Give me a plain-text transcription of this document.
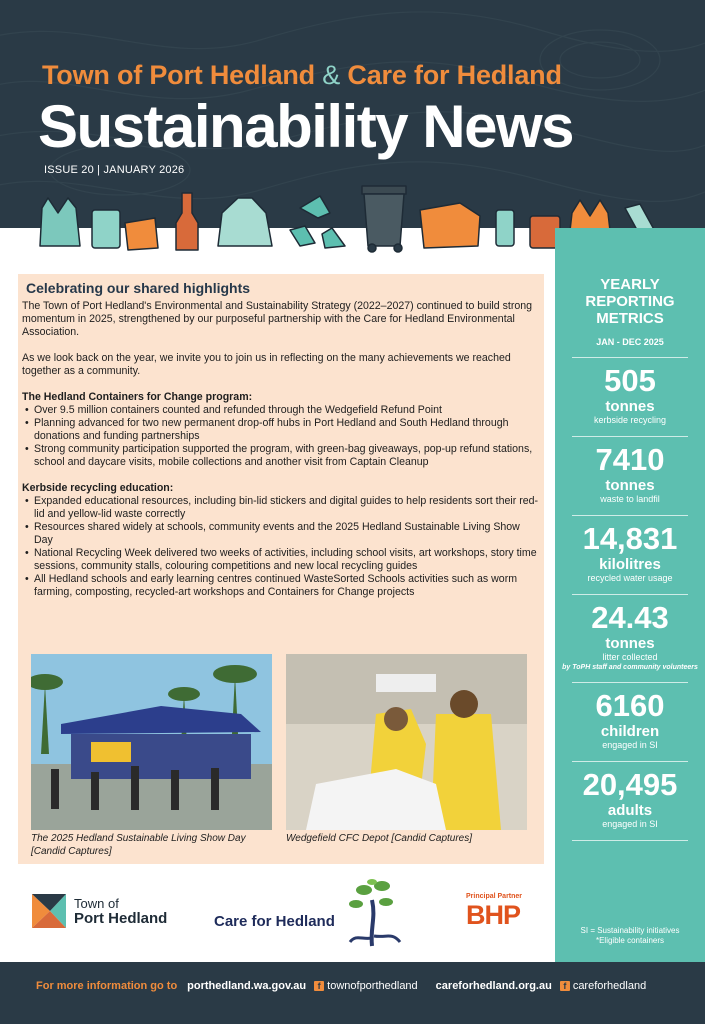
Town of Port Hedland & Care for Hedland
Sustainability News
ISSUE 20 | JANUARY 2026
Celebrating our shared highlights

The Town of Port Hedland's Environmental and Sustainability Strategy (2022–2027) continued to build strong momentum in 2025, strengthened by our purposeful partnership with the Care for Hedland Environmental Association.

As we look back on the year, we invite you to join us in reflecting on the many achievements we reached together as a community.

The Hedland Containers for Change program:
• Over 9.5 million containers counted and refunded through the Wedgefield Refund Point
• Planning advanced for two new permanent drop-off hubs in Port Hedland and South Hedland through donations and funding partnerships
• Strong community participation supported the program, with green-bag giveaways, pop-up refund stations, school and daycare visits, mobile collections and another visit from Captain Cleanup
Kerbside recycling education:
• Expanded educational resources, including bin-lid stickers and digital guides to help residents sort their red-lid and yellow-lid waste correctly
• Resources shared widely at schools, community events and the 2025 Hedland Sustainable Living Show Day
• National Recycling Week delivered two weeks of activities, including school visits, art workshops, story time sessions, community stalls, colouring competitions and new local recycling guides
• All Hedland schools and early learning centres continued WasteSorted Schools activities such as worm farming, composting, recycled-art workshops and Containers for Change projects
The 2025 Hedland Sustainable Living Show Day [Candid Captures]
Wedgefield CFC Depot [Candid Captures]
YEARLY REPORTING METRICS
JAN - DEC 2025
505
tonnes
kerbside recycling
7410
tonnes
waste to landfil
14,831
kilolitres
recycled water usage
24.43
tonnes
litter collected
by ToPH staff and community volunteers
6160
children
engaged in SI
20,495
adults
engaged in SI
SI = Sustainability initiatives
*Eligible containers
Town of
Port Hedland	Care for Hedland
Principal Partner
BHP
For more information go to porthedland.wa.gov.au	f townofporthedland careforhedland.org.au	f careforhedland
